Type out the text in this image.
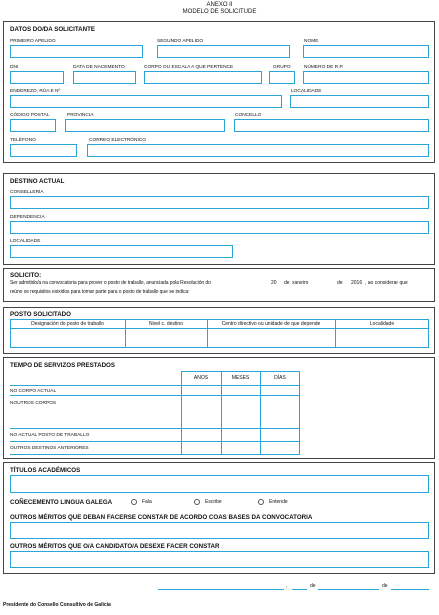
ANEXO II
MODELO DE SOLICITUDE
DATOS DO/DA SOLICITANTE
PRIMEIRO APELIDO	SEGUNDO APELIDO	NOME
DNI	DATA DE NACEMENTO	CORPO OU ESCALA A QUE PERTENCE	GRUPO	NÚMERO DE R.P.
ENDEREZO, RÚA E Nº	LOCALIDADE
CÓDIGO POSTAL	PROVINCIA	CONCELLO
TELÉFONO	CORREO ELECTRÓNICO
DESTINO ACTUAL
CONSELLERÍA
DEPENDENCIA
LOCALIDADE
SOLICITO:
Ser admitido/a na convocatoria para prover o posto de traballo, anunciada pola Resolución do	20 de xaneiro	de 2016 , ao considerar que
reúno os requisitos exixidos para tomar parte para o posto de traballo que se indica:
POSTO SOLICITADO
Designación do posto de traballo	Nivel c. destino	Centro directivo ou unidade de que depende	Localidade
TEMPO DE SERVIZOS PRESTADOS
ANOS	MESES	DÍAS
NO CORPO ACTUAL
NOUTROS CORPOS
NO ACTUAL POSTO DE TRABALLO
OUTROS DESTINOS ANTERIORES
TÍTULOS ACADÉMICOS
COÑECEMENTO LINGUA GALEGA	Fala	Escribe	Entende
OUTROS MÉRITOS QUE DEBAN FACERSE CONSTAR DE ACORDO COAS BASES DA CONVOCATORIA
OUTROS MÉRITOS QUE O/A CANDIDATO/A DESEXE FACER CONSTAR
,	de	de
Presidente do Consello Consultivo de Galicia
